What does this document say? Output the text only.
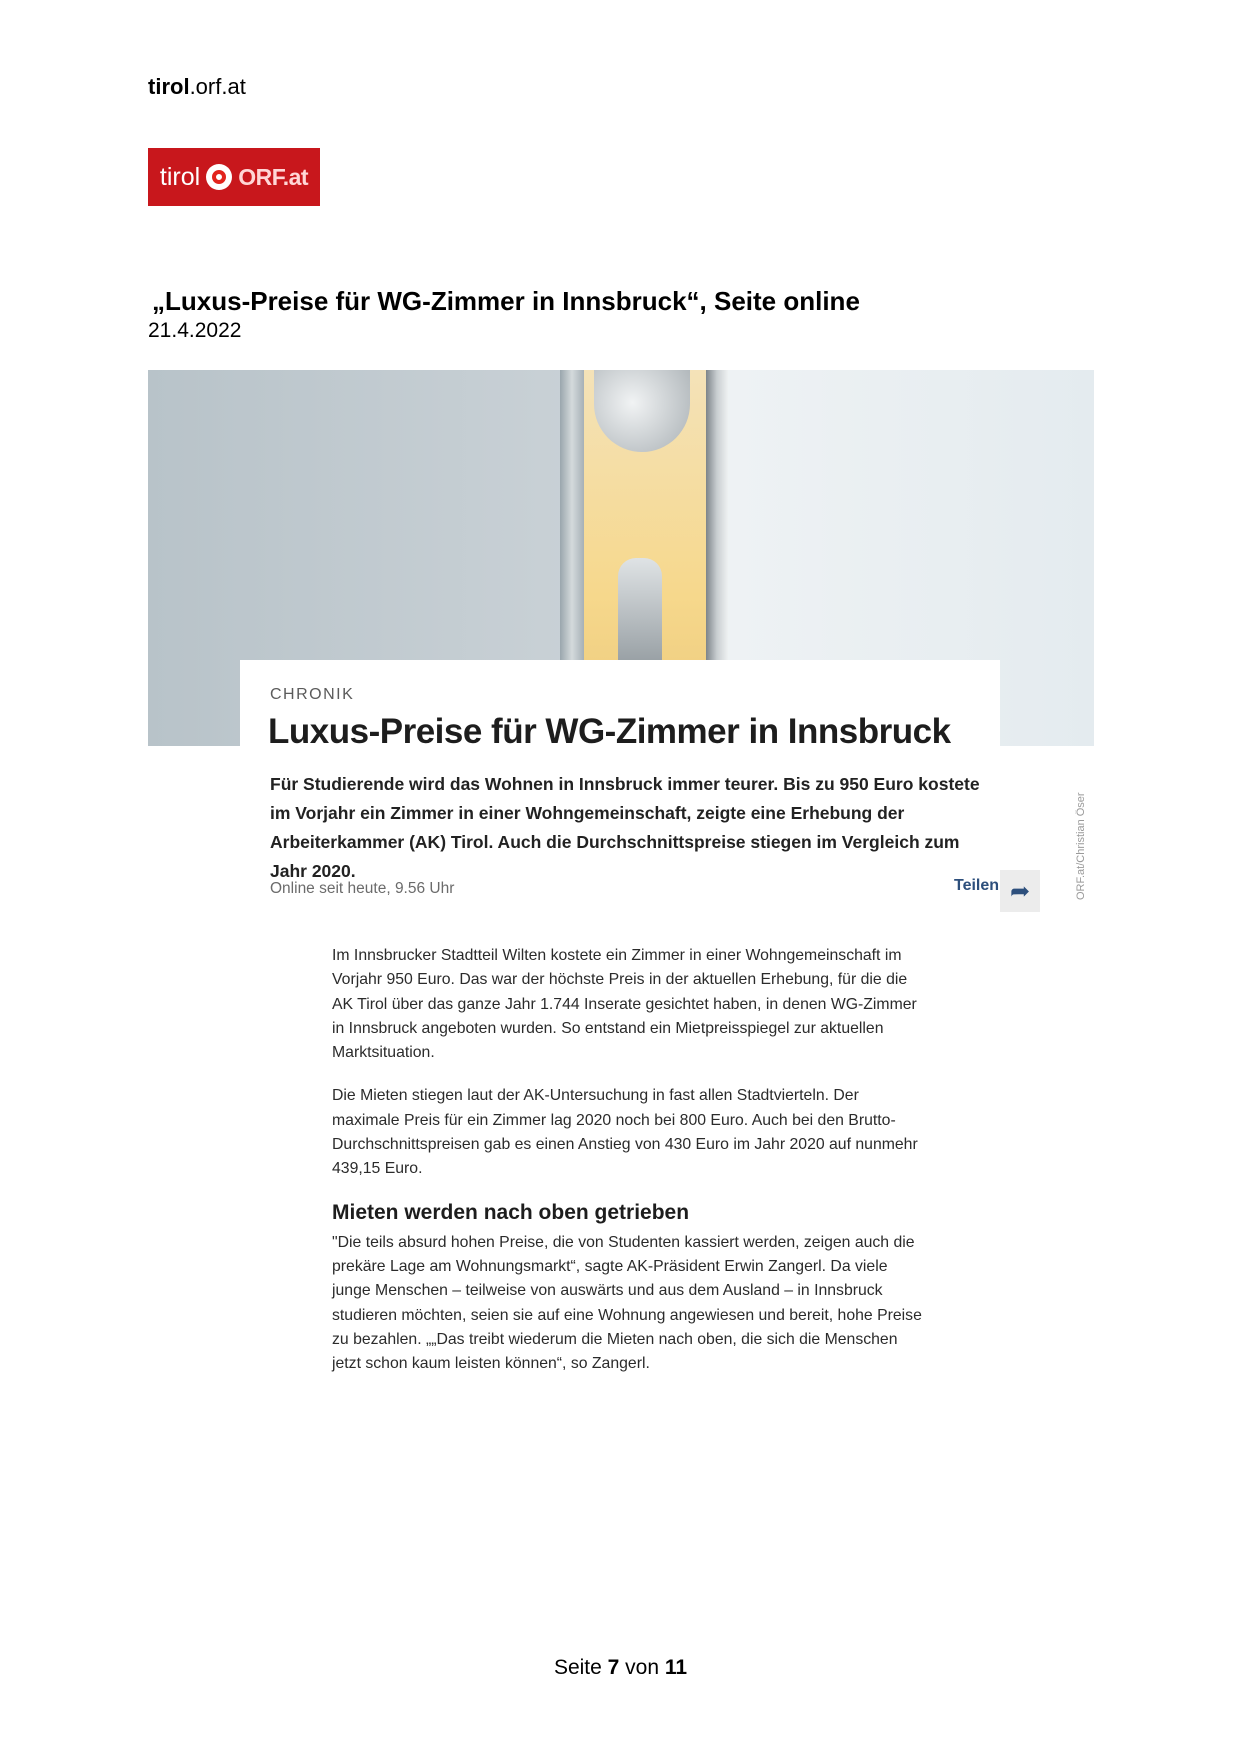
tirol.orf.at
tirol ORF.at
„Luxus-Preise für WG-Zimmer in Innsbruck“, Seite online
21.4.2022
ORF.at/Christian Öser
CHRONIK
Luxus-Preise für WG-Zimmer in Innsbruck
Für Studierende wird das Wohnen in Innsbruck immer teurer. Bis zu 950 Euro kostete im Vorjahr ein Zimmer in einer Wohngemeinschaft, zeigte eine Erhebung der Arbeiterkammer (AK) Tirol. Auch die Durchschnittspreise stiegen im Vergleich zum Jahr 2020.
Online seit heute, 9.56 Uhr	Teilen ➦

Im Innsbrucker Stadtteil Wilten kostete ein Zimmer in einer Wohngemeinschaft im Vorjahr 950 Euro. Das war der höchste Preis in der aktuellen Erhebung, für die die AK Tirol über das ganze Jahr 1.744 Inserate gesichtet haben, in denen WG-Zimmer in Innsbruck angeboten wurden. So entstand ein Mietpreisspiegel zur aktuellen Marktsituation.

Die Mieten stiegen laut der AK-Untersuchung in fast allen Stadtvierteln. Der maximale Preis für ein Zimmer lag 2020 noch bei 800 Euro. Auch bei den Brutto-Durchschnittspreisen gab es einen Anstieg von 430 Euro im Jahr 2020 auf nunmehr 439,15 Euro.

Mieten werden nach oben getrieben

"Die teils absurd hohen Preise, die von Studenten kassiert werden, zeigen auch die prekäre Lage am Wohnungsmarkt“, sagte AK-Präsident Erwin Zangerl. Da viele junge Menschen – teilweise von auswärts und aus dem Ausland – in Innsbruck studieren möchten, seien sie auf eine Wohnung angewiesen und bereit, hohe Preise zu bezahlen. „„Das treibt wiederum die Mieten nach oben, die sich die Menschen jetzt schon kaum leisten können“, so Zangerl.

Seite 7 von 11
